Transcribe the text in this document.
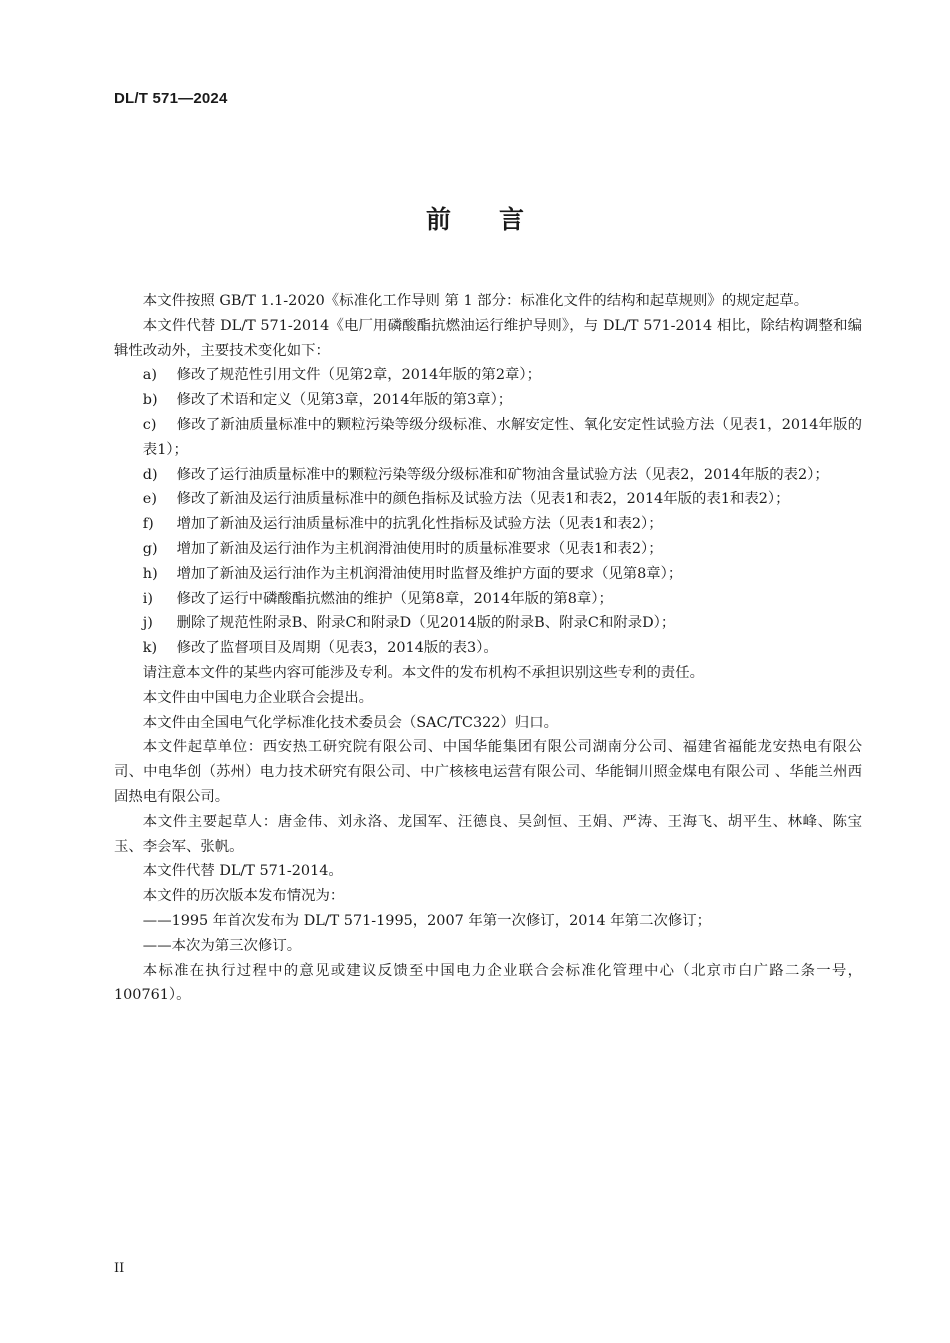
DL/T 571—2024
前言

本文件按照 GB/T 1.1-2020《标准化工作导则 第 1 部分：标准化文件的结构和起草规则》的规定起草。

本文件代替 DL/T 571-2014《电厂用磷酸酯抗燃油运行维护导则》，与 DL/T 571-2014 相比，除结构调整和编辑性改动外，主要技术变化如下：

a) 修改了规范性引用文件（见第2章，2014年版的第2章）；

b) 修改了术语和定义（见第3章，2014年版的第3章）；

c) 修改了新油质量标准中的颗粒污染等级分级标准、水解安定性、氧化安定性试验方法（见表1，2014年版的表1）；

d) 修改了运行油质量标准中的颗粒污染等级分级标准和矿物油含量试验方法（见表2，2014年版的表2）；

e) 修改了新油及运行油质量标准中的颜色指标及试验方法（见表1和表2，2014年版的表1和表2）；

f) 增加了新油及运行油质量标准中的抗乳化性指标及试验方法（见表1和表2）；

g) 增加了新油及运行油作为主机润滑油使用时的质量标准要求（见表1和表2）；

h) 增加了新油及运行油作为主机润滑油使用时监督及维护方面的要求（见第8章）；

i) 修改了运行中磷酸酯抗燃油的维护（见第8章，2014年版的第8章）；

j) 删除了规范性附录B、附录C和附录D（见2014版的附录B、附录C和附录D）；

k) 修改了监督项目及周期（见表3，2014版的表3）。

请注意本文件的某些内容可能涉及专利。本文件的发布机构不承担识别这些专利的责任。

本文件由中国电力企业联合会提出。

本文件由全国电气化学标准化技术委员会（SAC/TC322）归口。

本文件起草单位：西安热工研究院有限公司、中国华能集团有限公司湖南分公司、福建省福能龙安热电有限公司、中电华创（苏州）电力技术研究有限公司、中广核核电运营有限公司、华能铜川照金煤电有限公司 、华能兰州西固热电有限公司。

本文件主要起草人：唐金伟、刘永洛、龙国军、汪德良、吴剑恒、王娟、严涛、王海飞、胡平生、林峰、陈宝玉、李会军、张帆。

本文件代替 DL/T 571-2014。

本文件的历次版本发布情况为：

——1995 年首次发布为 DL/T 571-1995，2007 年第一次修订，2014 年第二次修订；

——本次为第三次修订。

本标准在执行过程中的意见或建议反馈至中国电力企业联合会标准化管理中心（北京市白广路二条一号，100761）。

II
